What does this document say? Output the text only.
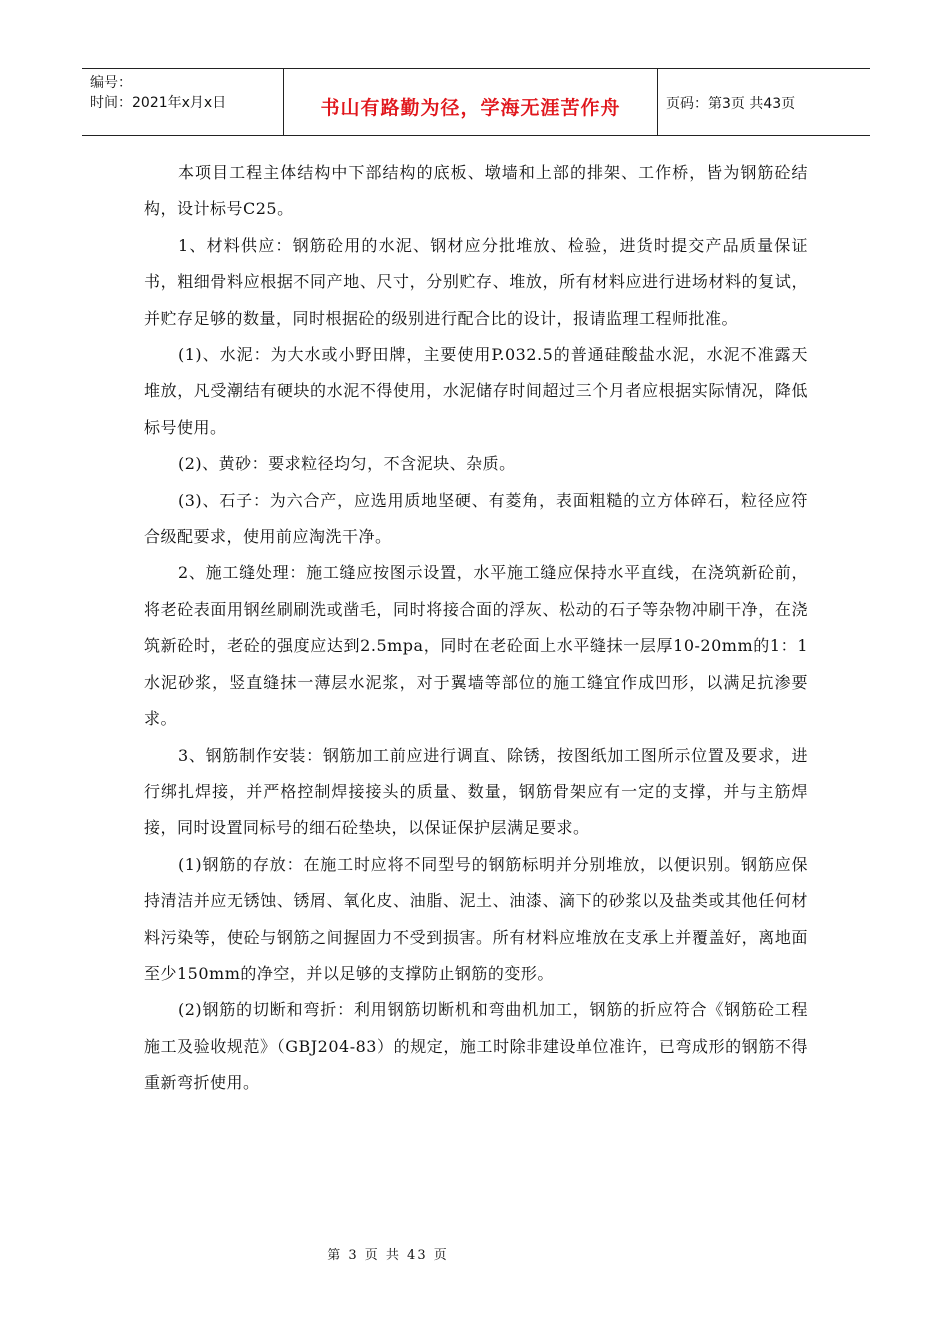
编号：
时间：2021年x月x日	书山有路勤为径，学海无涯苦作舟	页码：第3页 共43页

本项目工程主体结构中下部结构的底板、墩墙和上部的排架、工作桥，皆为钢筋砼结构，设计标号C25。

1、材料供应：钢筋砼用的水泥、钢材应分批堆放、检验，进货时提交产品质量保证书，粗细骨料应根据不同产地、尺寸，分别贮存、堆放，所有材料应进行进场材料的复试，并贮存足够的数量，同时根据砼的级别进行配合比的设计，报请监理工程师批准。

(1)、水泥：为大水或小野田牌，主要使用P.032.5的普通硅酸盐水泥，水泥不准露天堆放，凡受潮结有硬块的水泥不得使用，水泥储存时间超过三个月者应根据实际情况，降低标号使用。

(2)、黄砂：要求粒径均匀，不含泥块、杂质。

(3)、石子：为六合产，应选用质地坚硬、有菱角，表面粗糙的立方体碎石，粒径应符合级配要求，使用前应淘洗干净。

2、施工缝处理：施工缝应按图示设置，水平施工缝应保持水平直线，在浇筑新砼前，将老砼表面用钢丝刷刷洗或凿毛，同时将接合面的浮灰、松动的石子等杂物冲刷干净，在浇筑新砼时，老砼的强度应达到2.5mpa，同时在老砼面上水平缝抹一层厚10-20mm的1：1水泥砂浆，竖直缝抹一薄层水泥浆，对于翼墙等部位的施工缝宜作成凹形，以满足抗渗要求。

3、钢筋制作安装：钢筋加工前应进行调直、除锈，按图纸加工图所示位置及要求，进行绑扎焊接，并严格控制焊接接头的质量、数量，钢筋骨架应有一定的支撑，并与主筋焊接，同时设置同标号的细石砼垫块，以保证保护层满足要求。

(1)钢筋的存放：在施工时应将不同型号的钢筋标明并分别堆放，以便识别。钢筋应保持清洁并应无锈蚀、锈屑、氧化皮、油脂、泥土、油漆、滴下的砂浆以及盐类或其他任何材料污染等，使砼与钢筋之间握固力不受到损害。所有材料应堆放在支承上并覆盖好，离地面至少150mm的净空，并以足够的支撑防止钢筋的变形。

(2)钢筋的切断和弯折：利用钢筋切断机和弯曲机加工，钢筋的折应符合《钢筋砼工程施工及验收规范》（GBJ204-83）的规定，施工时除非建设单位准许，已弯成形的钢筋不得重新弯折使用。

第 3 页 共 43 页
